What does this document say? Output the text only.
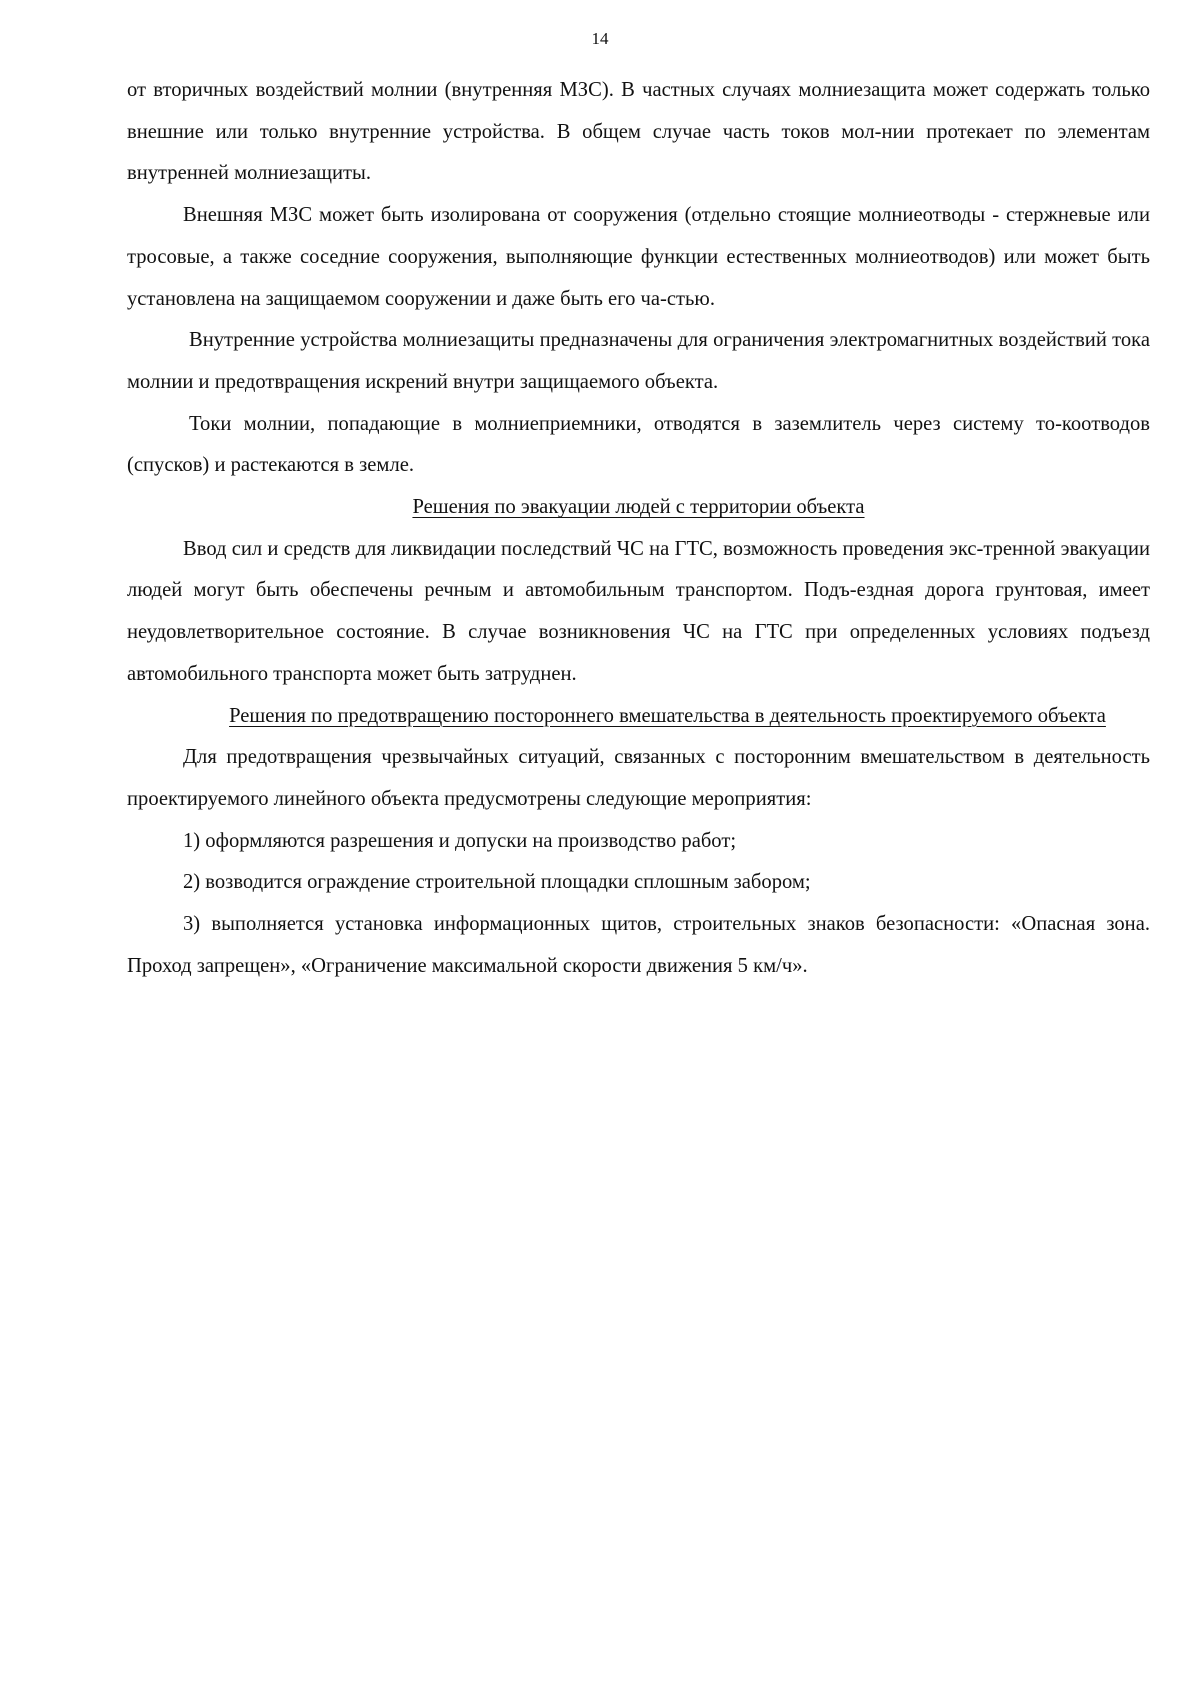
14

от вторичных воздействий молнии (внутренняя МЗС). В частных случаях молниезащита может содержать только внешние или только внутренние устройства. В общем случае часть токов мол-нии протекает по элементам внутренней молниезащиты.

Внешняя МЗС может быть изолирована от сооружения (отдельно стоящие молниеотводы - стержневые или тросовые, а также соседние сооружения, выполняющие функции естественных молниеотводов) или может быть установлена на защищаемом сооружении и даже быть его ча-стью.

Внутренние устройства молниезащиты предназначены для ограничения электромагнитных воздействий тока молнии и предотвращения искрений внутри защищаемого объекта.

Токи молнии, попадающие в молниеприемники, отводятся в заземлитель через систему то-коотводов (спусков) и растекаются в земле.

Решения по эвакуации людей с территории объекта

Ввод сил и средств для ликвидации последствий ЧС на ГТС, возможность проведения экс-тренной эвакуации людей могут быть обеспечены речным и автомобильным транспортом. Подъ-ездная дорога грунтовая, имеет неудовлетворительное состояние. В случае возникновения ЧС на ГТС при определенных условиях подъезд автомобильного транспорта может быть затруднен.

Решения по предотвращению постороннего вмешательства в деятельность проектируемого объекта

Для предотвращения чрезвычайных ситуаций, связанных с посторонним вмешательством в деятельность проектируемого линейного объекта предусмотрены следующие мероприятия:

1) оформляются разрешения и допуски на производство работ;

2) возводится ограждение строительной площадки сплошным забором;

3) выполняется установка информационных щитов, строительных знаков безопасности: «Опасная зона. Проход запрещен», «Ограничение максимальной скорости движения 5 км/ч».
